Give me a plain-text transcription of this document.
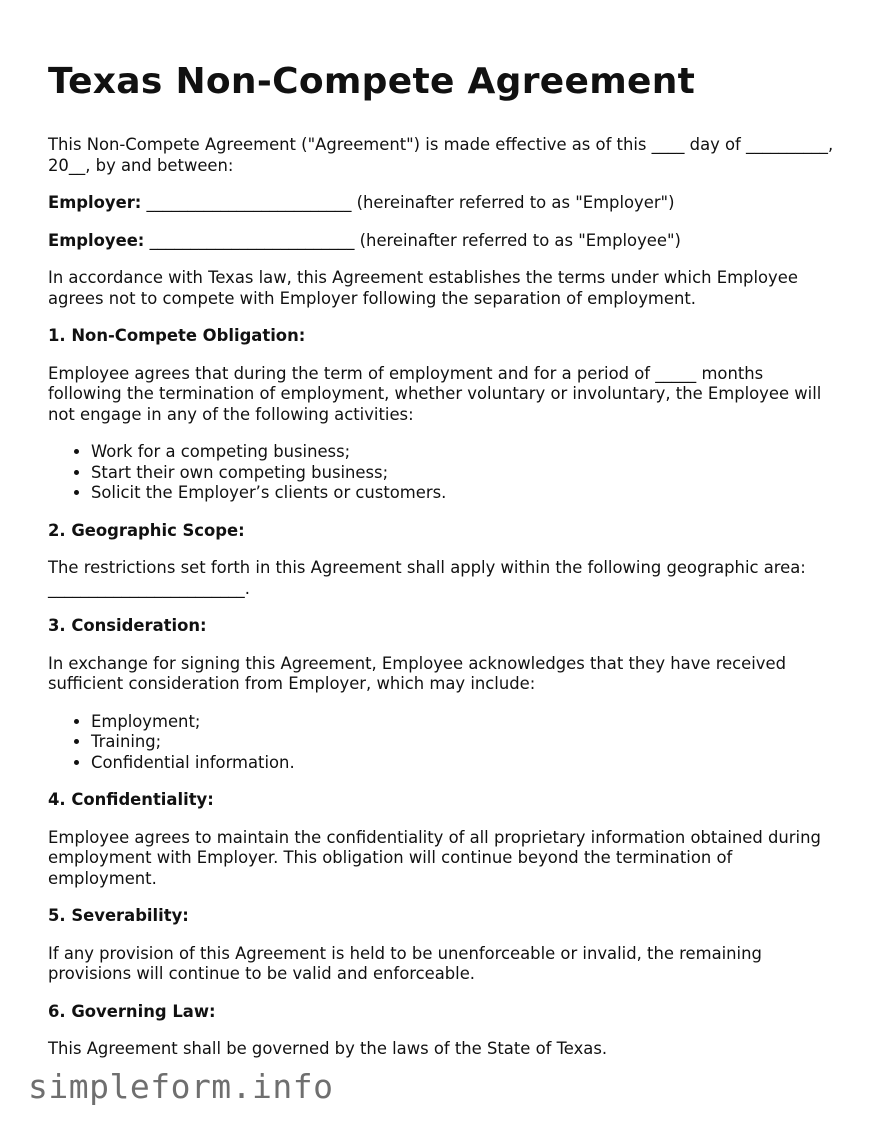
Texas Non-Compete Agreement

This Non-Compete Agreement ("Agreement") is made effective as of this ____ day of __________, 20__, by and between:

Employer: _________________________ (hereinafter referred to as "Employer")

Employee: _________________________ (hereinafter referred to as "Employee")

In accordance with Texas law, this Agreement establishes the terms under which Employee agrees not to compete with Employer following the separation of employment.

1. Non-Compete Obligation:

Employee agrees that during the term of employment and for a period of _____ months following the termination of employment, whether voluntary or involuntary, the Employee will not engage in any of the following activities:

• Work for a competing business;
• Start their own competing business;
• Solicit the Employer’s clients or customers.
2. Geographic Scope:

The restrictions set forth in this Agreement shall apply within the following geographic area: ________________________.

3. Consideration:

In exchange for signing this Agreement, Employee acknowledges that they have received sufficient consideration from Employer, which may include:

• Employment;
• Training;
• Confidential information.
4. Confidentiality:

Employee agrees to maintain the confidentiality of all proprietary information obtained during employment with Employer. This obligation will continue beyond the termination of employment.

5. Severability:

If any provision of this Agreement is held to be unenforceable or invalid, the remaining provisions will continue to be valid and enforceable.

6. Governing Law:

This Agreement shall be governed by the laws of the State of Texas.

simpleform.info
